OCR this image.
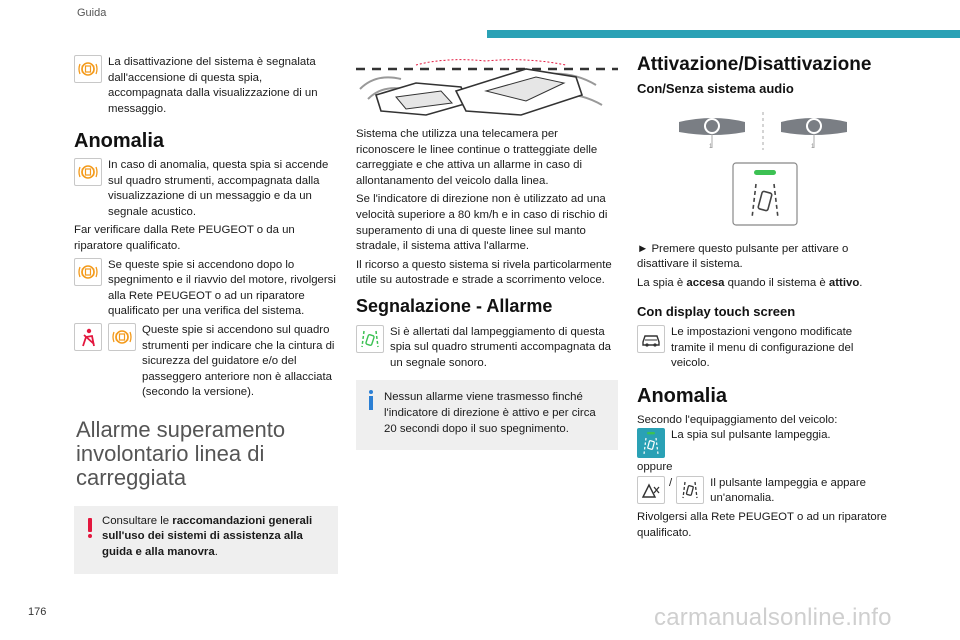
Guida

La disattivazione del sistema è segnalata dall'accensione di questa spia, accompagnata dalla visualizzazione di un messaggio.

Anomalia

In caso di anomalia, questa spia si accende sul quadro strumenti, accompagnata dalla visualizzazione di un messaggio e da un segnale acustico.

Far verificare dalla Rete PEUGEOT o da un riparatore qualificato.

Se queste spie si accendono dopo lo spegnimento e il riavvio del motore, rivolgersi alla Rete PEUGEOT o ad un riparatore qualificato per una verifica del sistema.

Queste spie si accendono sul quadro strumenti per indicare che la cintura di sicurezza del guidatore e/o del passeggero anteriore non è allacciata (secondo la versione).

Allarme superamento involontario linea di carreggiata

Consultare le raccomandazioni generali sull'uso dei sistemi di assistenza alla guida e alla manovra.

Sistema che utilizza una telecamera per riconoscere le linee continue o tratteggiate delle carreggiate e che attiva un allarme in caso di allontanamento del veicolo dalla linea.

Se l'indicatore di direzione non è utilizzato ad una velocità superiore a 80 km/h e in caso di rischio di superamento di una di queste linee sul manto stradale, il sistema attiva l'allarme.

Il ricorso a questo sistema si rivela particolarmente utile su autostrade e strade a scorrimento veloce.

Segnalazione - Allarme

Si è allertati dal lampeggiamento di questa spia sul quadro strumenti accompagnata da un segnale sonoro.

Nessun allarme viene trasmesso finché l'indicatore di direzione è attivo e per circa 20 secondi dopo il suo spegnimento.

Attivazione/Disattivazione
Con/Senza sistema audio
1	1

► Premere questo pulsante per attivare o disattivare il sistema.

La spia è accesa quando il sistema è attivo.

Con display touch screen

Le impostazioni vengono modificate tramite il menu di configurazione del veicolo.

Anomalia

Secondo l'equipaggiamento del veicolo:

La spia sul pulsante lampeggia.

oppure

/	Il pulsante lampeggia e appare un'anomalia.

Rivolgersi alla Rete PEUGEOT o ad un riparatore qualificato.

176	carmanualsonline.info
